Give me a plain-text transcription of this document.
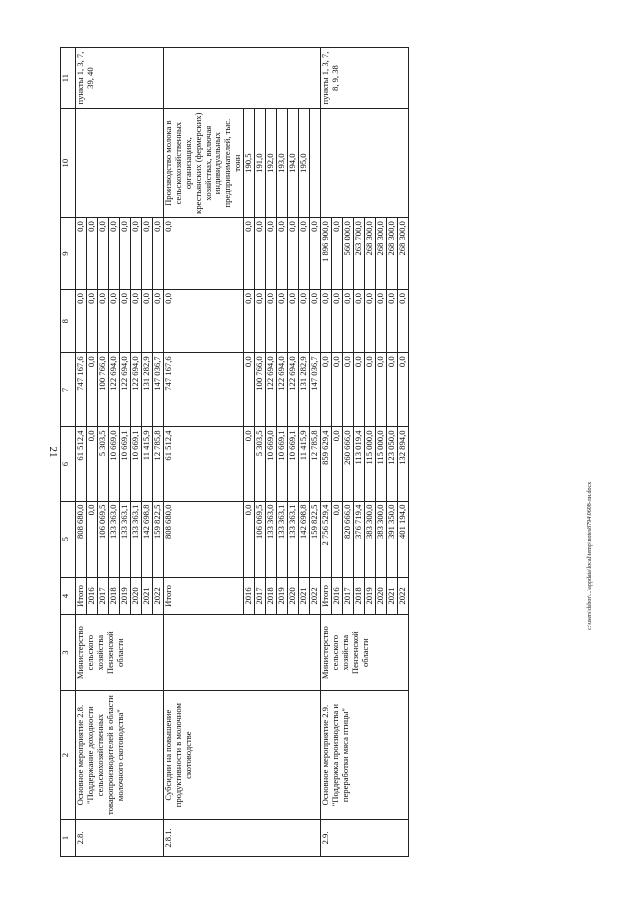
21
1	2	3	4	5	6	7	8	9	10	11
2.8.	Основное мероприятие 2.8. "Поддержание доходности сельскохозяйственных товаропроизводителей в области молочного скотоводства"	Министерство сельского хозяйства Пензенской области	Итого	808 680,0	61 512,4	747 167,6	0,0	0,0		пункты 1, 3, 7, 39, 40
			2016	0,0	0,0	0,0	0,0	0,0		
			2017	106 069,5	5 303,5	100 766,0	0,0	0,0		
			2018	133 363,0	10 669,0	122 694,0	0,0	0,0		
			2019	133 363,1	10 669,1	122 694,0	0,0	0,0		
			2020	133 363,1	10 669,1	122 694,0	0,0	0,0		
			2021	142 698,8	11 415,9	131 282,9	0,0	0,0		
			2022	159 822,5	12 785,8	147 036,7	0,0	0,0		
2.8.1.	Субсидии на повышение продуктивности в молочном скотоводстве		Итого	808 680,0	61 512,4	747 167,6	0,0	0,0	Производство молока в сельскохозяйственных организациях, крестьянских (фермерских) хозяйствах, включая индивидуальных предпринимателей, тыс. тонн	
			2016	0,0	0,0	0,0	0,0	0,0	190,5	
			2017	106 069,5	5 303,5	100 766,0	0,0	0,0	191,0	
			2018	133 363,0	10 669,0	122 694,0	0,0	0,0	192,0	
			2019	133 363,1	10 669,1	122 694,0	0,0	0,0	193,0	
			2020	133 363,1	10 669,1	122 694,0	0,0	0,0	194,0	
			2021	142 698,8	11 415,9	131 282,9	0,0	0,0	195,0	
			2022	159 822,5	12 785,8	147 036,7	0,0	0,0		
2.9.	Основное мероприятие 2.9. "Поддержка производства и переработки мяса птицы"	Министерство сельского хозяйства Пензенской области	Итого	2 756 529,4	859 629,4	0,0	0,0	1 896 900,0		пункты 1, 3, 7, 8, 9, 38
			2016	0,0	0,0	0,0	0,0	0,0		
			2017	820 666,0	260 666,0	0,0	0,0	560 000,0		
			2018	376 719,4	113 019,4	0,0	0,0	263 700,0		
			2019	383 300,0	115 000,0	0,0	0,0	268 300,0		
			2020	383 300,0	115 000,0	0,0	0,0	268 300,0		
			2021	391 350,0	123 050,0	0,0	0,0	268 300,0		
			2022	401 194,0	132 894,0	0,0	0,0	268 300,0		
c:\users\dsbor\...\appdata\local\temp\notes8794\0608-ли.docx
